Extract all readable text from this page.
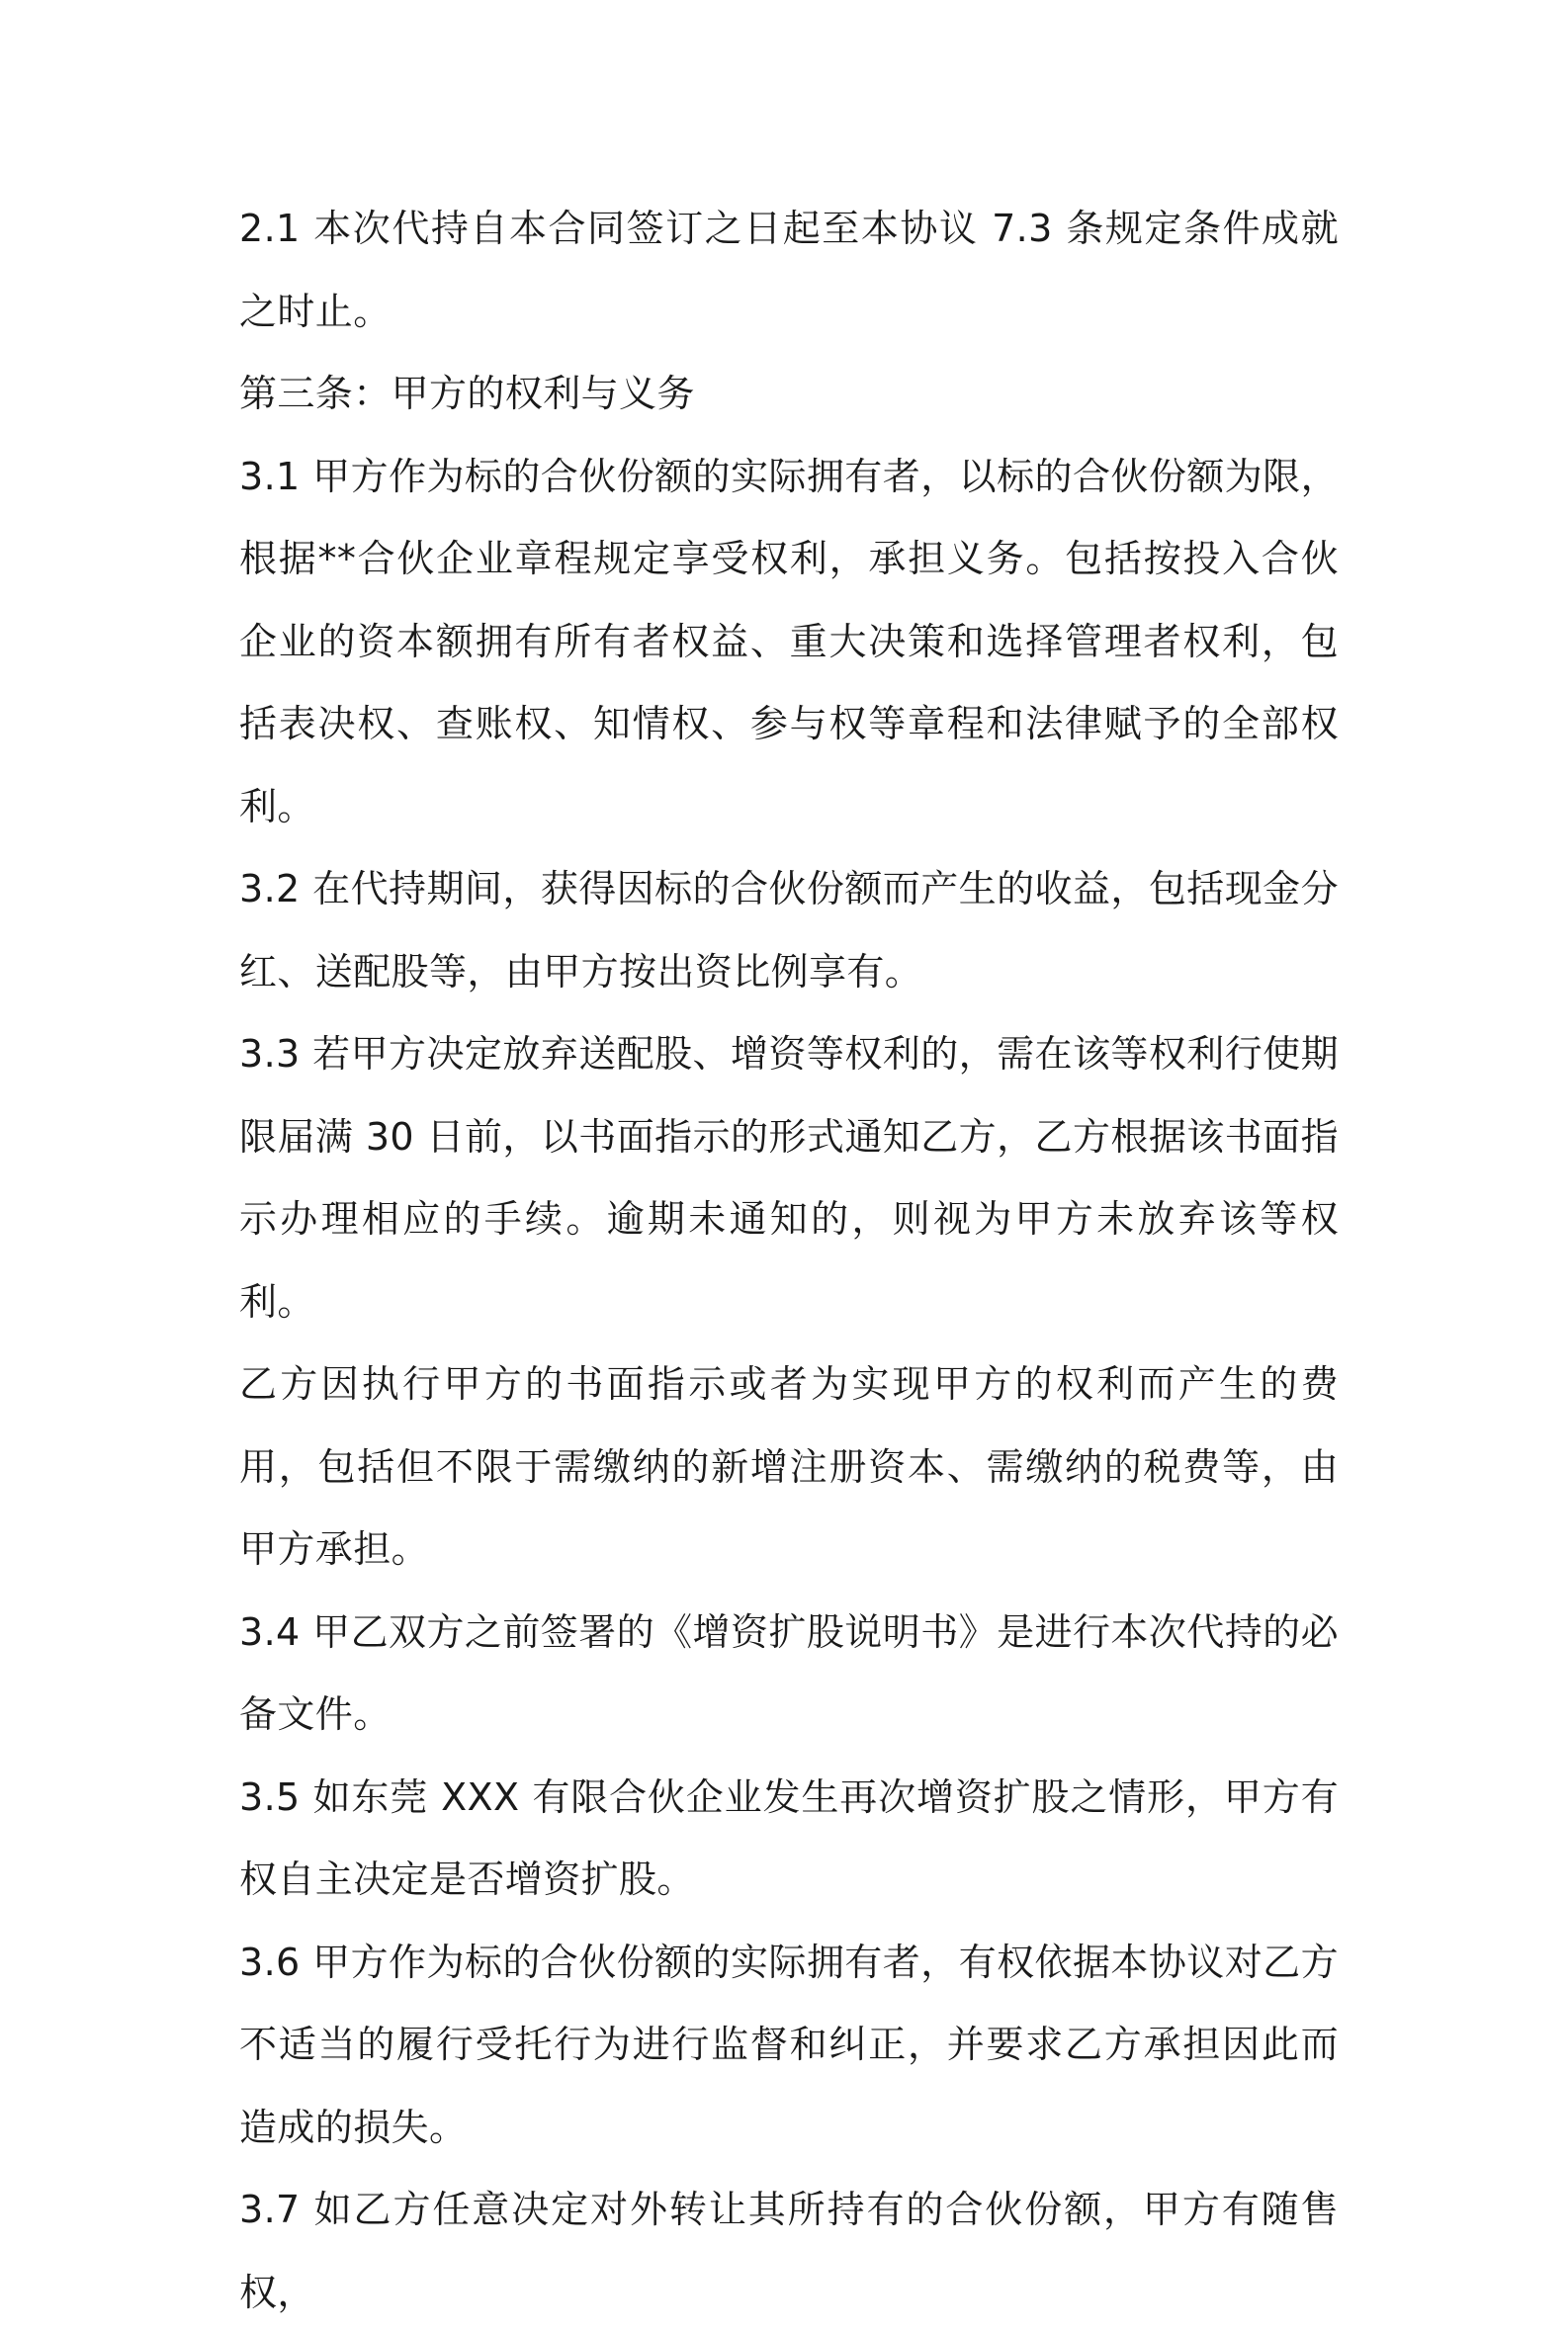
2.1 本次代持自本合同签订之日起至本协议 7.3 条规定条件成就之时止。

第三条：甲方的权利与义务

3.1 甲方作为标的合伙份额的实际拥有者，以标的合伙份额为限，根据**合伙企业章程规定享受权利，承担义务。包括按投入合伙企业的资本额拥有所有者权益、重大决策和选择管理者权利，包括表决权、查账权、知情权、参与权等章程和法律赋予的全部权利。

3.2 在代持期间，获得因标的合伙份额而产生的收益，包括现金分红、送配股等，由甲方按出资比例享有。

3.3 若甲方决定放弃送配股、增资等权利的，需在该等权利行使期限届满 30 日前，以书面指示的形式通知乙方，乙方根据该书面指示办理相应的手续。逾期未通知的，则视为甲方未放弃该等权利。

乙方因执行甲方的书面指示或者为实现甲方的权利而产生的费用，包括但不限于需缴纳的新增注册资本、需缴纳的税费等，由甲方承担。

3.4 甲乙双方之前签署的《增资扩股说明书》是进行本次代持的必备文件。

3.5 如东莞 XXX 有限合伙企业发生再次增资扩股之情形，甲方有权自主决定是否增资扩股。

3.6 甲方作为标的合伙份额的实际拥有者，有权依据本协议对乙方不适当的履行受托行为进行监督和纠正，并要求乙方承担因此而造成的损失。

3.7 如乙方任意决定对外转让其所持有的合伙份额，甲方有随售权，
